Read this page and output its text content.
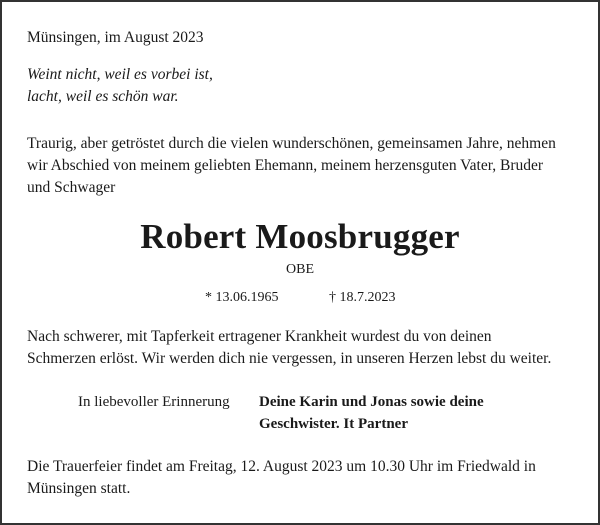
Münsingen, im August 2023
Weint nicht, weil es vorbei ist,
lacht, weil es schön war.
Traurig, aber getröstet durch die vielen wunderschönen, gemeinsamen Jahre, nehmen
wir Abschied von meinem geliebten Ehemann, meinem herzensguten Vater, Bruder
und Schwager
Robert Moosbrugger
OBE
* 13.06.1965	† 18.7.2023
Nach schwerer, mit Tapferkeit ertragener Krankheit wurdest du von deinen
Schmerzen erlöst. Wir werden dich nie vergessen, in unseren Herzen lebst du weiter.
In liebevoller Erinnerung Deine Karin und Jonas sowie deine
Geschwister. It Partner
Die Trauerfeier findet am Freitag, 12. August 2023 um 10.30 Uhr im Friedwald in
Münsingen statt.
